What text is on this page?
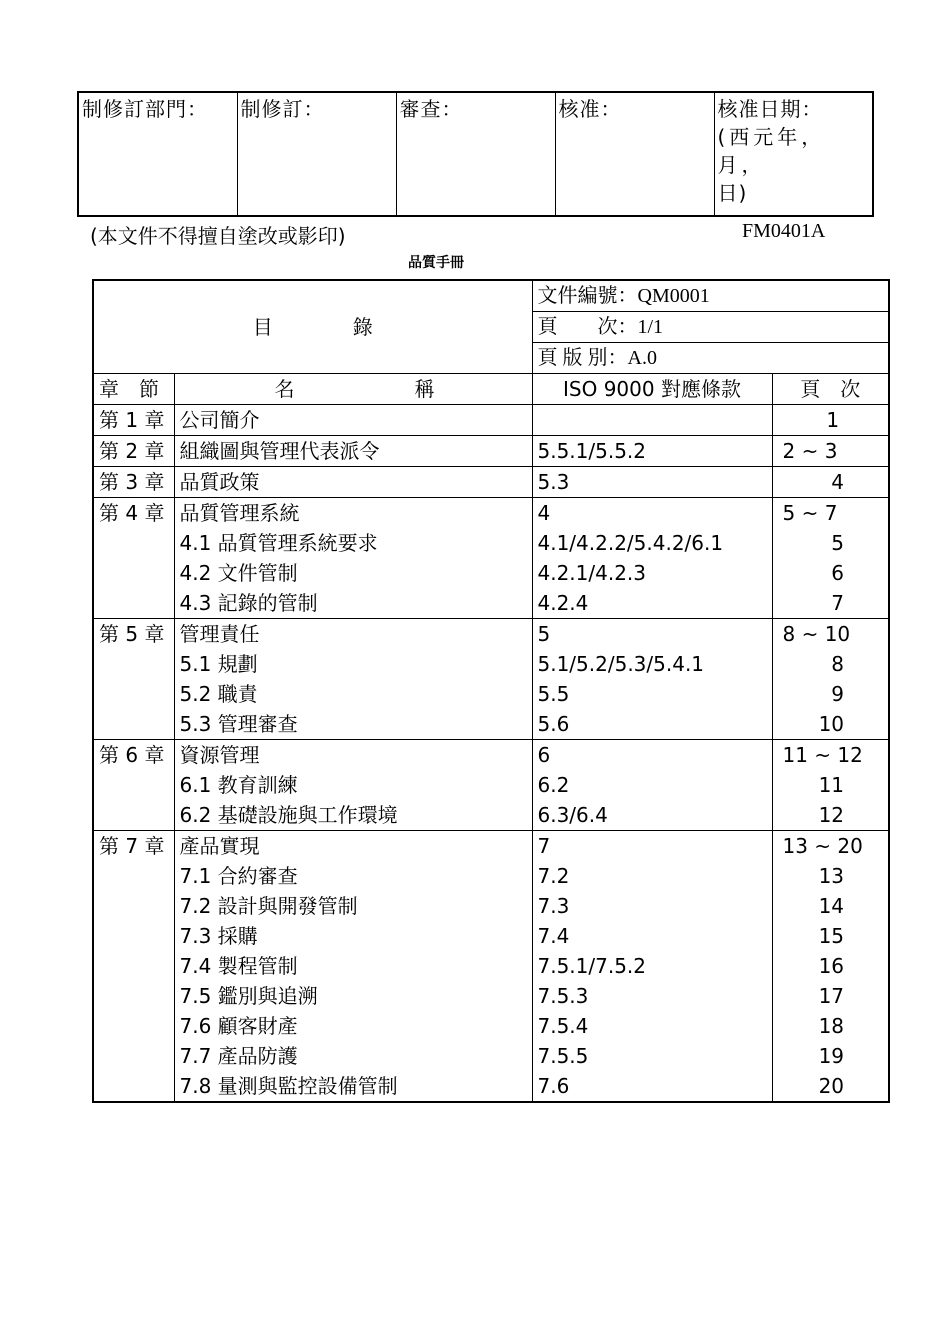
制修訂部門：	制修訂：	審查：	核准：	核准日期：
(西元年，月，
日)
(本文件不得擅自塗改或影印)	FM0401A
品質手冊
目　　　　錄		文件編號：QM0001	
		頁　　次：1/1	
		頁 版 別：A.0	
章　節	名 稱	ISO 9000 對應條款	頁　次
第 1 章	公司簡介		1
第 2 章	組織圖與管理代表派令	5.5.1/5.5.2	2 ~ 3
第 3 章	品質政策	5.3	4
第 4 章	品質管理系統	4	5 ~ 7
	4.1 品質管理系統要求	4.1/4.2.2/5.4.2/6.1	5
	4.2 文件管制	4.2.1/4.2.3	6
	4.3 記錄的管制	4.2.4	7
第 5 章	管理責任	5	8 ~ 10
	5.1 規劃	5.1/5.2/5.3/5.4.1	8
	5.2 職責	5.5	9
	5.3 管理審查	5.6	10
第 6 章	資源管理	6	11 ~ 12
	6.1 教育訓練	6.2	11
	6.2 基礎設施與工作環境	6.3/6.4	12
第 7 章	產品實現	7	13 ~ 20
	7.1 合約審查	7.2	13
	7.2 設計與開發管制	7.3	14
	7.3 採購	7.4	15
	7.4 製程管制	7.5.1/7.5.2	16
	7.5 鑑別與追溯	7.5.3	17
	7.6 顧客財產	7.5.4	18
	7.7 產品防護	7.5.5	19
	7.8 量測與監控設備管制	7.6	20
